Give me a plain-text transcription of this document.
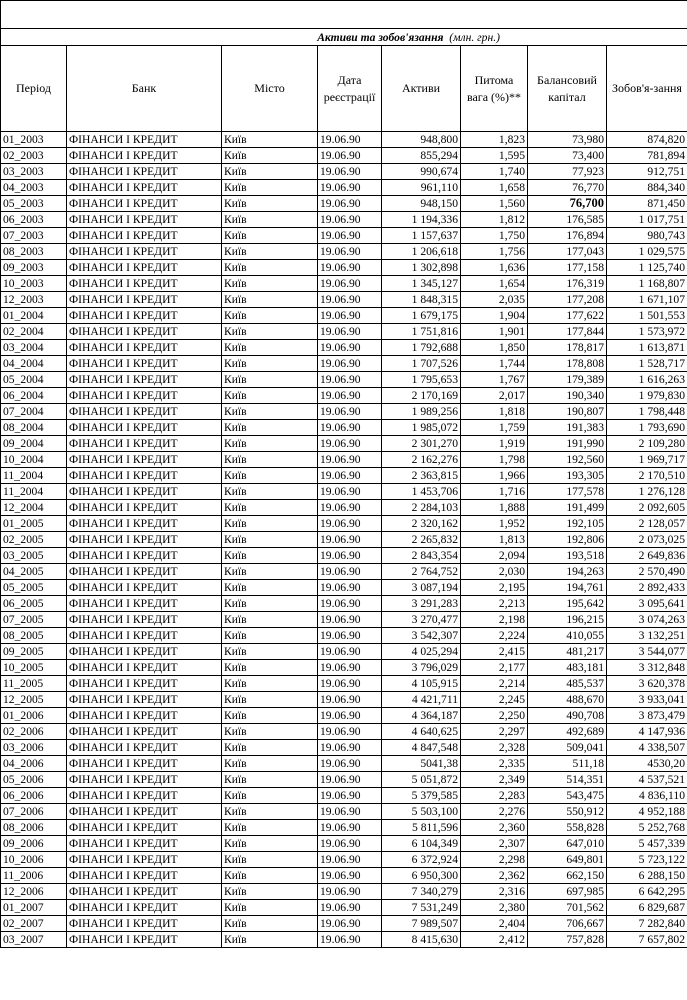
Активи та зобов'язання (млн. грн.)							
Період	Банк	Місто	Дата реєстрації	Активи	Питома вага (%)**	Балансовий капітал	Зобов'я-зання
01_2003	ФІНАНСИ І КРЕДИТ	Київ	19.06.90	948,800	1,823	73,980	874,820
02_2003	ФІНАНСИ І КРЕДИТ	Київ	19.06.90	855,294	1,595	73,400	781,894
03_2003	ФІНАНСИ І КРЕДИТ	Київ	19.06.90	990,674	1,740	77,923	912,751
04_2003	ФІНАНСИ І КРЕДИТ	Київ	19.06.90	961,110	1,658	76,770	884,340
05_2003	ФІНАНСИ І КРЕДИТ	Київ	19.06.90	948,150	1,560	76,700	871,450
06_2003	ФІНАНСИ І КРЕДИТ	Київ	19.06.90	1 194,336	1,812	176,585	1 017,751
07_2003	ФІНАНСИ І КРЕДИТ	Київ	19.06.90	1 157,637	1,750	176,894	980,743
08_2003	ФІНАНСИ І КРЕДИТ	Київ	19.06.90	1 206,618	1,756	177,043	1 029,575
09_2003	ФІНАНСИ І КРЕДИТ	Київ	19.06.90	1 302,898	1,636	177,158	1 125,740
10_2003	ФІНАНСИ І КРЕДИТ	Київ	19.06.90	1 345,127	1,654	176,319	1 168,807
12_2003	ФІНАНСИ І КРЕДИТ	Київ	19.06.90	1 848,315	2,035	177,208	1 671,107
01_2004	ФІНАНСИ І КРЕДИТ	Київ	19.06.90	1 679,175	1,904	177,622	1 501,553
02_2004	ФІНАНСИ І КРЕДИТ	Київ	19.06.90	1 751,816	1,901	177,844	1 573,972
03_2004	ФІНАНСИ І КРЕДИТ	Київ	19.06.90	1 792,688	1,850	178,817	1 613,871
04_2004	ФІНАНСИ І КРЕДИТ	Київ	19.06.90	1 707,526	1,744	178,808	1 528,717
05_2004	ФІНАНСИ І КРЕДИТ	Київ	19.06.90	1 795,653	1,767	179,389	1 616,263
06_2004	ФІНАНСИ І КРЕДИТ	Київ	19.06.90	2 170,169	2,017	190,340	1 979,830
07_2004	ФІНАНСИ І КРЕДИТ	Київ	19.06.90	1 989,256	1,818	190,807	1 798,448
08_2004	ФІНАНСИ І КРЕДИТ	Київ	19.06.90	1 985,072	1,759	191,383	1 793,690
09_2004	ФІНАНСИ І КРЕДИТ	Київ	19.06.90	2 301,270	1,919	191,990	2 109,280
10_2004	ФІНАНСИ І КРЕДИТ	Київ	19.06.90	2 162,276	1,798	192,560	1 969,717
11_2004	ФІНАНСИ І КРЕДИТ	Київ	19.06.90	2 363,815	1,966	193,305	2 170,510
11_2004	ФІНАНСИ І КРЕДИТ	Київ	19.06.90	1 453,706	1,716	177,578	1 276,128
12_2004	ФІНАНСИ І КРЕДИТ	Київ	19.06.90	2 284,103	1,888	191,499	2 092,605
01_2005	ФІНАНСИ І КРЕДИТ	Київ	19.06.90	2 320,162	1,952	192,105	2 128,057
02_2005	ФІНАНСИ І КРЕДИТ	Київ	19.06.90	2 265,832	1,813	192,806	2 073,025
03_2005	ФІНАНСИ І КРЕДИТ	Київ	19.06.90	2 843,354	2,094	193,518	2 649,836
04_2005	ФІНАНСИ І КРЕДИТ	Київ	19.06.90	2 764,752	2,030	194,263	2 570,490
05_2005	ФІНАНСИ І КРЕДИТ	Київ	19.06.90	3 087,194	2,195	194,761	2 892,433
06_2005	ФІНАНСИ І КРЕДИТ	Київ	19.06.90	3 291,283	2,213	195,642	3 095,641
07_2005	ФІНАНСИ І КРЕДИТ	Київ	19.06.90	3 270,477	2,198	196,215	3 074,263
08_2005	ФІНАНСИ І КРЕДИТ	Київ	19.06.90	3 542,307	2,224	410,055	3 132,251
09_2005	ФІНАНСИ І КРЕДИТ	Київ	19.06.90	4 025,294	2,415	481,217	3 544,077
10_2005	ФІНАНСИ І КРЕДИТ	Київ	19.06.90	3 796,029	2,177	483,181	3 312,848
11_2005	ФІНАНСИ І КРЕДИТ	Київ	19.06.90	4 105,915	2,214	485,537	3 620,378
12_2005	ФІНАНСИ І КРЕДИТ	Київ	19.06.90	4 421,711	2,245	488,670	3 933,041
01_2006	ФІНАНСИ І КРЕДИТ	Київ	19.06.90	4 364,187	2,250	490,708	3 873,479
02_2006	ФІНАНСИ І КРЕДИТ	Київ	19.06.90	4 640,625	2,297	492,689	4 147,936
03_2006	ФІНАНСИ І КРЕДИТ	Київ	19.06.90	4 847,548	2,328	509,041	4 338,507
04_2006	ФІНАНСИ І КРЕДИТ	Київ	19.06.90	5041,38	2,335	511,18	4530,20
05_2006	ФІНАНСИ І КРЕДИТ	Київ	19.06.90	5 051,872	2,349	514,351	4 537,521
06_2006	ФІНАНСИ І КРЕДИТ	Київ	19.06.90	5 379,585	2,283	543,475	4 836,110
07_2006	ФІНАНСИ І КРЕДИТ	Київ	19.06.90	5 503,100	2,276	550,912	4 952,188
08_2006	ФІНАНСИ І КРЕДИТ	Київ	19.06.90	5 811,596	2,360	558,828	5 252,768
09_2006	ФІНАНСИ І КРЕДИТ	Київ	19.06.90	6 104,349	2,307	647,010	5 457,339
10_2006	ФІНАНСИ І КРЕДИТ	Київ	19.06.90	6 372,924	2,298	649,801	5 723,122
11_2006	ФІНАНСИ І КРЕДИТ	Київ	19.06.90	6 950,300	2,362	662,150	6 288,150
12_2006	ФІНАНСИ І КРЕДИТ	Київ	19.06.90	7 340,279	2,316	697,985	6 642,295
01_2007	ФІНАНСИ І КРЕДИТ	Київ	19.06.90	7 531,249	2,380	701,562	6 829,687
02_2007	ФІНАНСИ І КРЕДИТ	Київ	19.06.90	7 989,507	2,404	706,667	7 282,840
03_2007	ФІНАНСИ І КРЕДИТ	Київ	19.06.90	8 415,630	2,412	757,828	7 657,802
